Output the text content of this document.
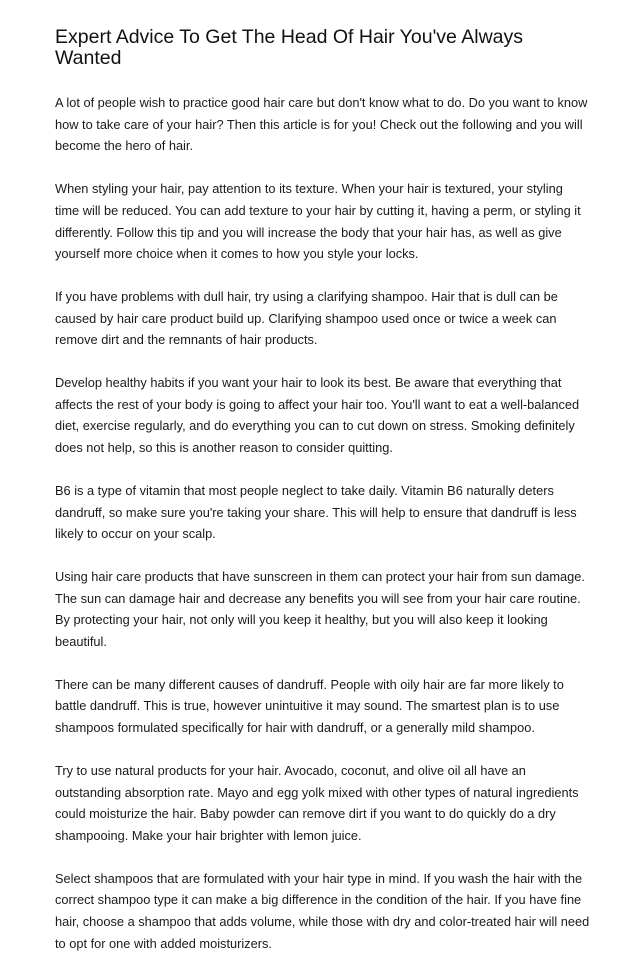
Expert Advice To Get The Head Of Hair You've Always Wanted

A lot of people wish to practice good hair care but don't know what to do. Do you want to know how to take care of your hair? Then this article is for you! Check out the following and you will become the hero of hair.

When styling your hair, pay attention to its texture. When your hair is textured, your styling time will be reduced. You can add texture to your hair by cutting it, having a perm, or styling it differently. Follow this tip and you will increase the body that your hair has, as well as give yourself more choice when it comes to how you style your locks.

If you have problems with dull hair, try using a clarifying shampoo. Hair that is dull can be caused by hair care product build up. Clarifying shampoo used once or twice a week can remove dirt and the remnants of hair products.

Develop healthy habits if you want your hair to look its best. Be aware that everything that affects the rest of your body is going to affect your hair too. You'll want to eat a well-balanced diet, exercise regularly, and do everything you can to cut down on stress. Smoking definitely does not help, so this is another reason to consider quitting.

B6 is a type of vitamin that most people neglect to take daily. Vitamin B6 naturally deters dandruff, so make sure you're taking your share. This will help to ensure that dandruff is less likely to occur on your scalp.

Using hair care products that have sunscreen in them can protect your hair from sun damage. The sun can damage hair and decrease any benefits you will see from your hair care routine. By protecting your hair, not only will you keep it healthy, but you will also keep it looking beautiful.

There can be many different causes of dandruff. People with oily hair are far more likely to battle dandruff. This is true, however unintuitive it may sound. The smartest plan is to use shampoos formulated specifically for hair with dandruff, or a generally mild shampoo.

Try to use natural products for your hair. Avocado, coconut, and olive oil all have an outstanding absorption rate. Mayo and egg yolk mixed with other types of natural ingredients could moisturize the hair. Baby powder can remove dirt if you want to do quickly do a dry shampooing. Make your hair brighter with lemon juice.

Select shampoos that are formulated with your hair type in mind. If you wash the hair with the correct shampoo type it can make a big difference in the condition of the hair. If you have fine hair, choose a shampoo that adds volume, while those with dry and color-treated hair will need to opt for one with added moisturizers.
